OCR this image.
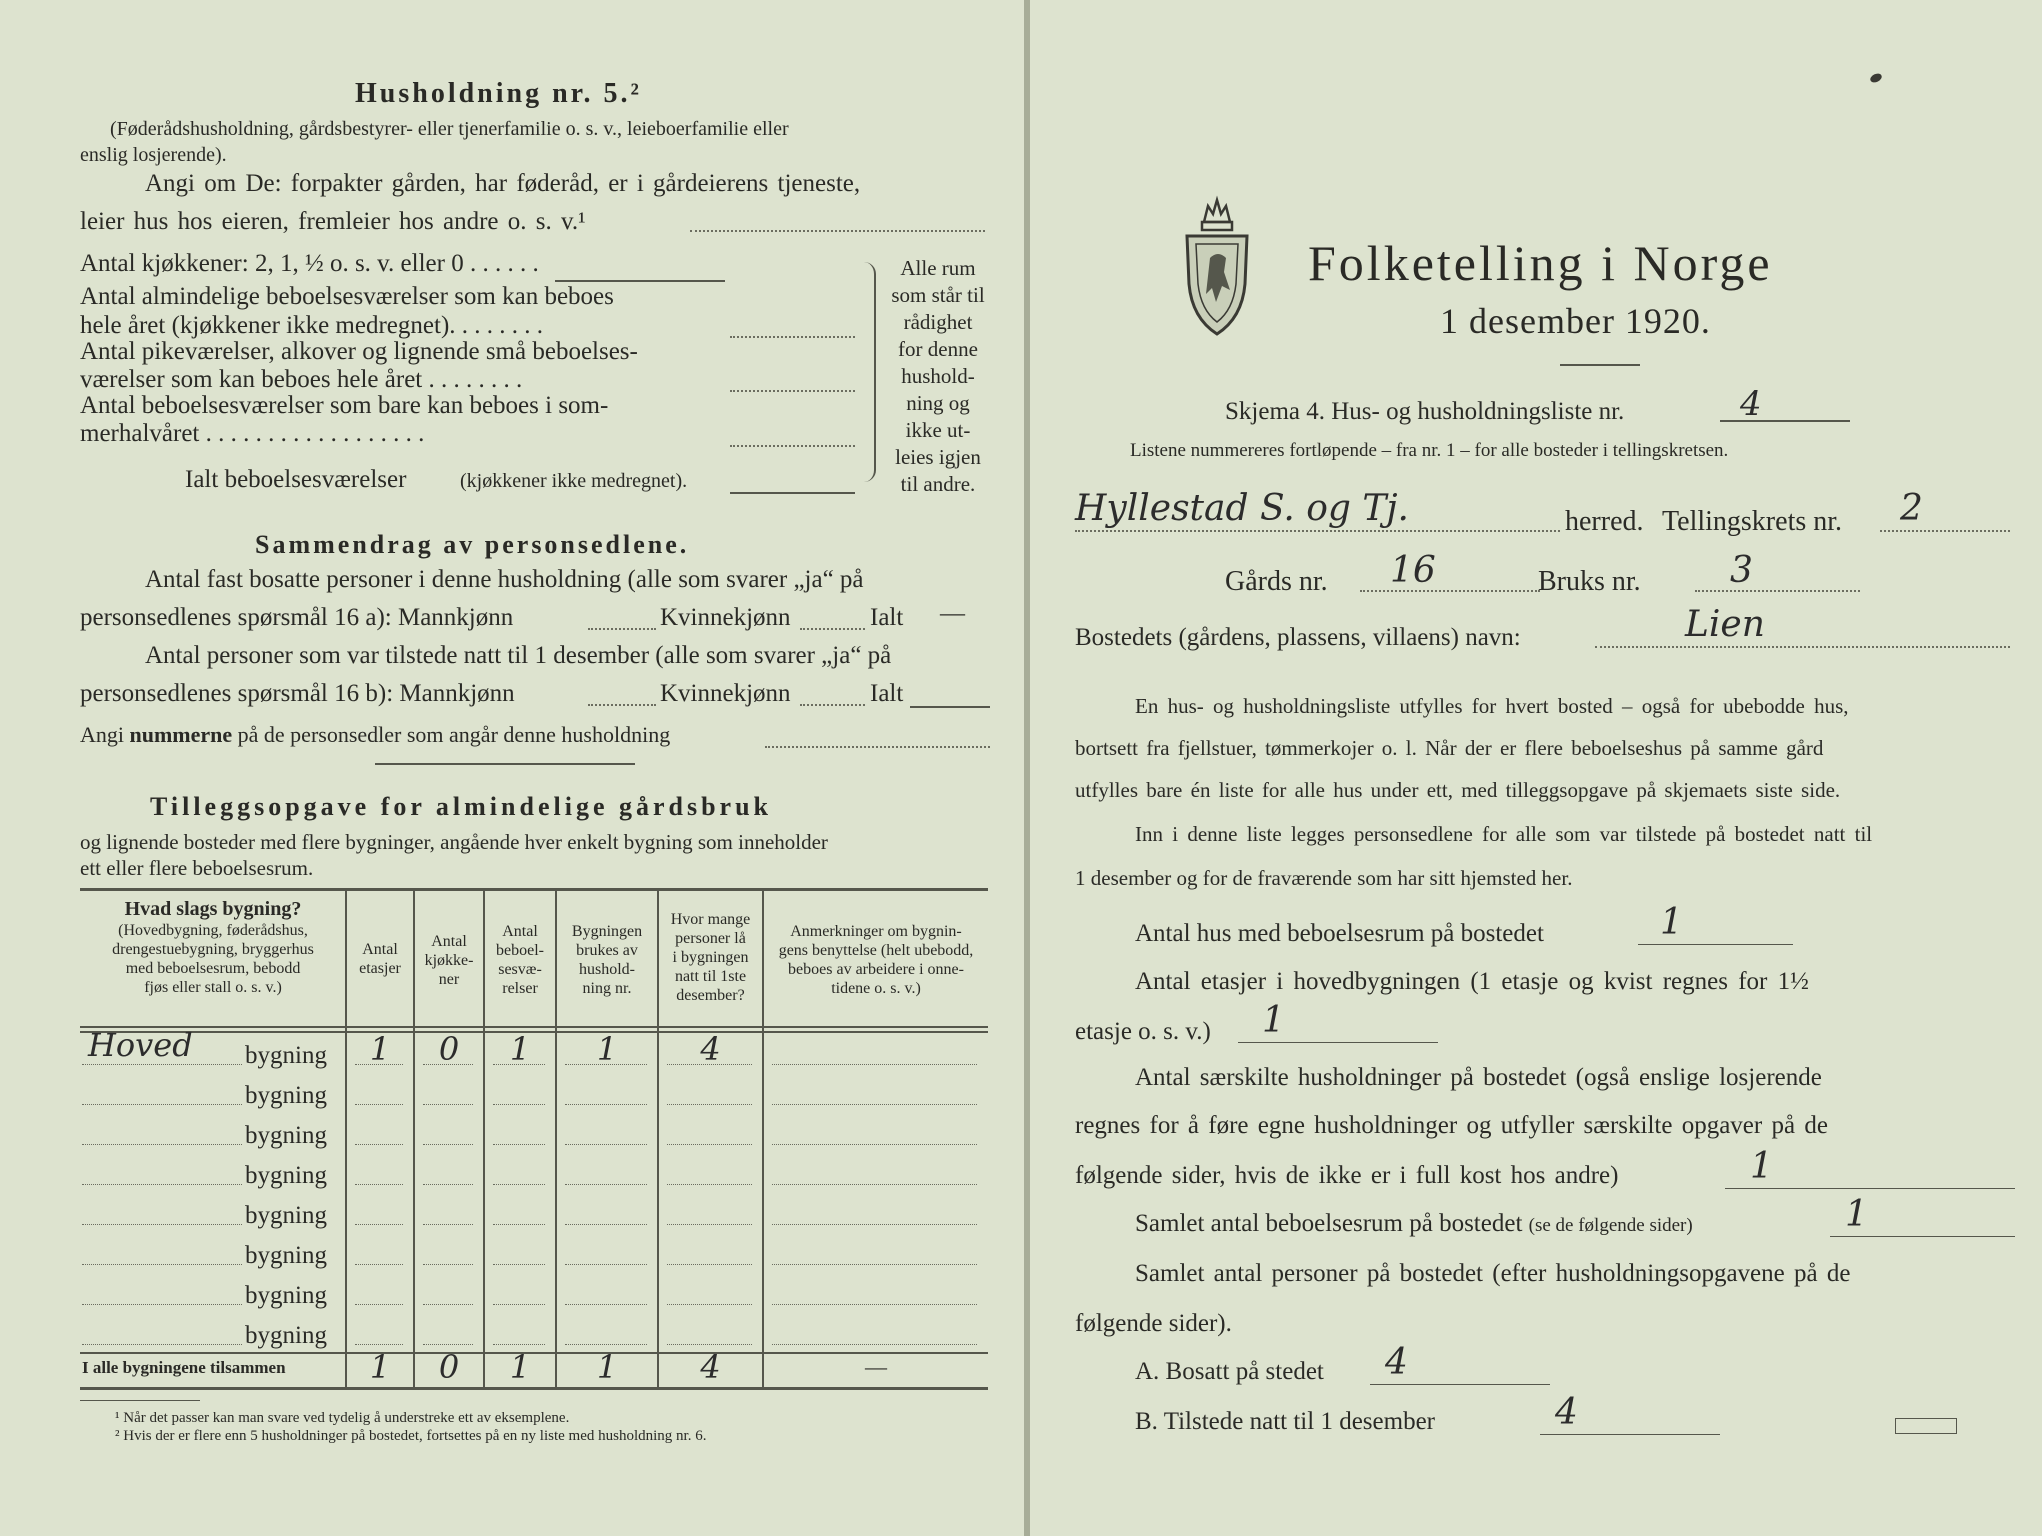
Husholdning nr. 5.²
(Føderådshusholdning, gårdsbestyrer- eller tjenerfamilie o. s. v., leieboerfamilie eller
enslig losjerende).
Angi om De: forpakter gården, har føderåd, er i gårdeierens tjeneste,
leier hus hos eieren, fremleier hos andre o. s. v.¹
Antal kjøkkener: 2, 1, ½ o. s. v. eller 0 . . . . . .
Antal almindelige beboelsesværelser som kan beboes
hele året (kjøkkener ikke medregnet). . . . . . . .
Antal pikeværelser, alkover og lignende små beboelses-
værelser som kan beboes hele året . . . . . . . .
Antal beboelsesværelser som bare kan beboes i som-
merhalvåret . . . . . . . . . . . . . . . . . .
Ialt beboelsesværelser	(kjøkkener ikke medregnet).
Alle rum
som står til
rådighet
for denne
hushold-
ning og
ikke ut-
leies igjen
til andre.
Sammendrag av personsedlene.
Antal fast bosatte personer i denne husholdning (alle som svarer „ja“ på
personsedlenes spørsmål 16 a): Mannkjønn	Kvinnekjønn	Ialt —
Antal personer som var tilstede natt til 1 desember (alle som svarer „ja“ på
personsedlenes spørsmål 16 b): Mannkjønn	Kvinnekjønn	Ialt
Angi nummerne på de personsedler som angår denne husholdning
Tilleggsopgave for almindelige gårdsbruk
og lignende bosteder med flere bygninger, angående hver enkelt bygning som inneholder
ett eller flere beboelsesrum.
Hvad slags bygning?
(Hovedbygning, føderådshus,
drengestuebygning, bryggerhus
med beboelsesrum, bebodd
fjøs eller stall o. s. v.)
Antal
etasjer
Antal
kjøkke-
ner
Antal
beboel-
sesvæ-
relser
Bygningen
brukes av
hushold-
ning nr.
Hvor mange
personer lå
i bygningen
natt til 1ste
desember?
Anmerkninger om bygnin-
gens benyttelse (helt ubebodd,
beboes av arbeidere i onne-
tidene o. s. v.)
Hoved bygning	1	0	1	1	4
bygning
bygning
bygning
bygning
bygning
bygning
bygning
I alle bygningene tilsammen	1	0	1	1	4	—
¹ Når det passer kan man svare ved tydelig å understreke ett av eksemplene.
² Hvis der er flere enn 5 husholdninger på bostedet, fortsettes på en ny liste med husholdning nr. 6.
Folketelling i Norge
1 desember 1920.
Skjema 4. Hus- og husholdningsliste nr.	4
Listene nummereres fortløpende – fra nr. 1 – for alle bosteder i tellingskretsen.
Hyllestad S. og Tj.	herred. Tellingskrets nr. 2
Gårds nr. 16	Bruks nr. 3
Bostedets (gårdens, plassens, villaens) navn:	Lien
En hus- og husholdningsliste utfylles for hvert bosted – også for ubebodde hus,
bortsett fra fjellstuer, tømmerkojer o. l. Når der er flere beboelseshus på samme gård
utfylles bare én liste for alle hus under ett, med tilleggsopgave på skjemaets siste side.
Inn i denne liste legges personsedlene for alle som var tilstede på bostedet natt til
1 desember og for de fraværende som har sitt hjemsted her.
Antal hus med beboelsesrum på bostedet	1
Antal etasjer i hovedbygningen (1 etasje og kvist regnes for 1½
etasje o. s. v.) 1
Antal særskilte husholdninger på bostedet (også enslige losjerende
regnes for å føre egne husholdninger og utfyller særskilte opgaver på de
følgende sider, hvis de ikke er i full kost hos andre)	1
Samlet antal beboelsesrum på bostedet (se de følgende sider)	1
Samlet antal personer på bostedet (efter husholdningsopgavene på de
følgende sider).
A. Bosatt på stedet 4
B. Tilstede natt til 1 desember	4
